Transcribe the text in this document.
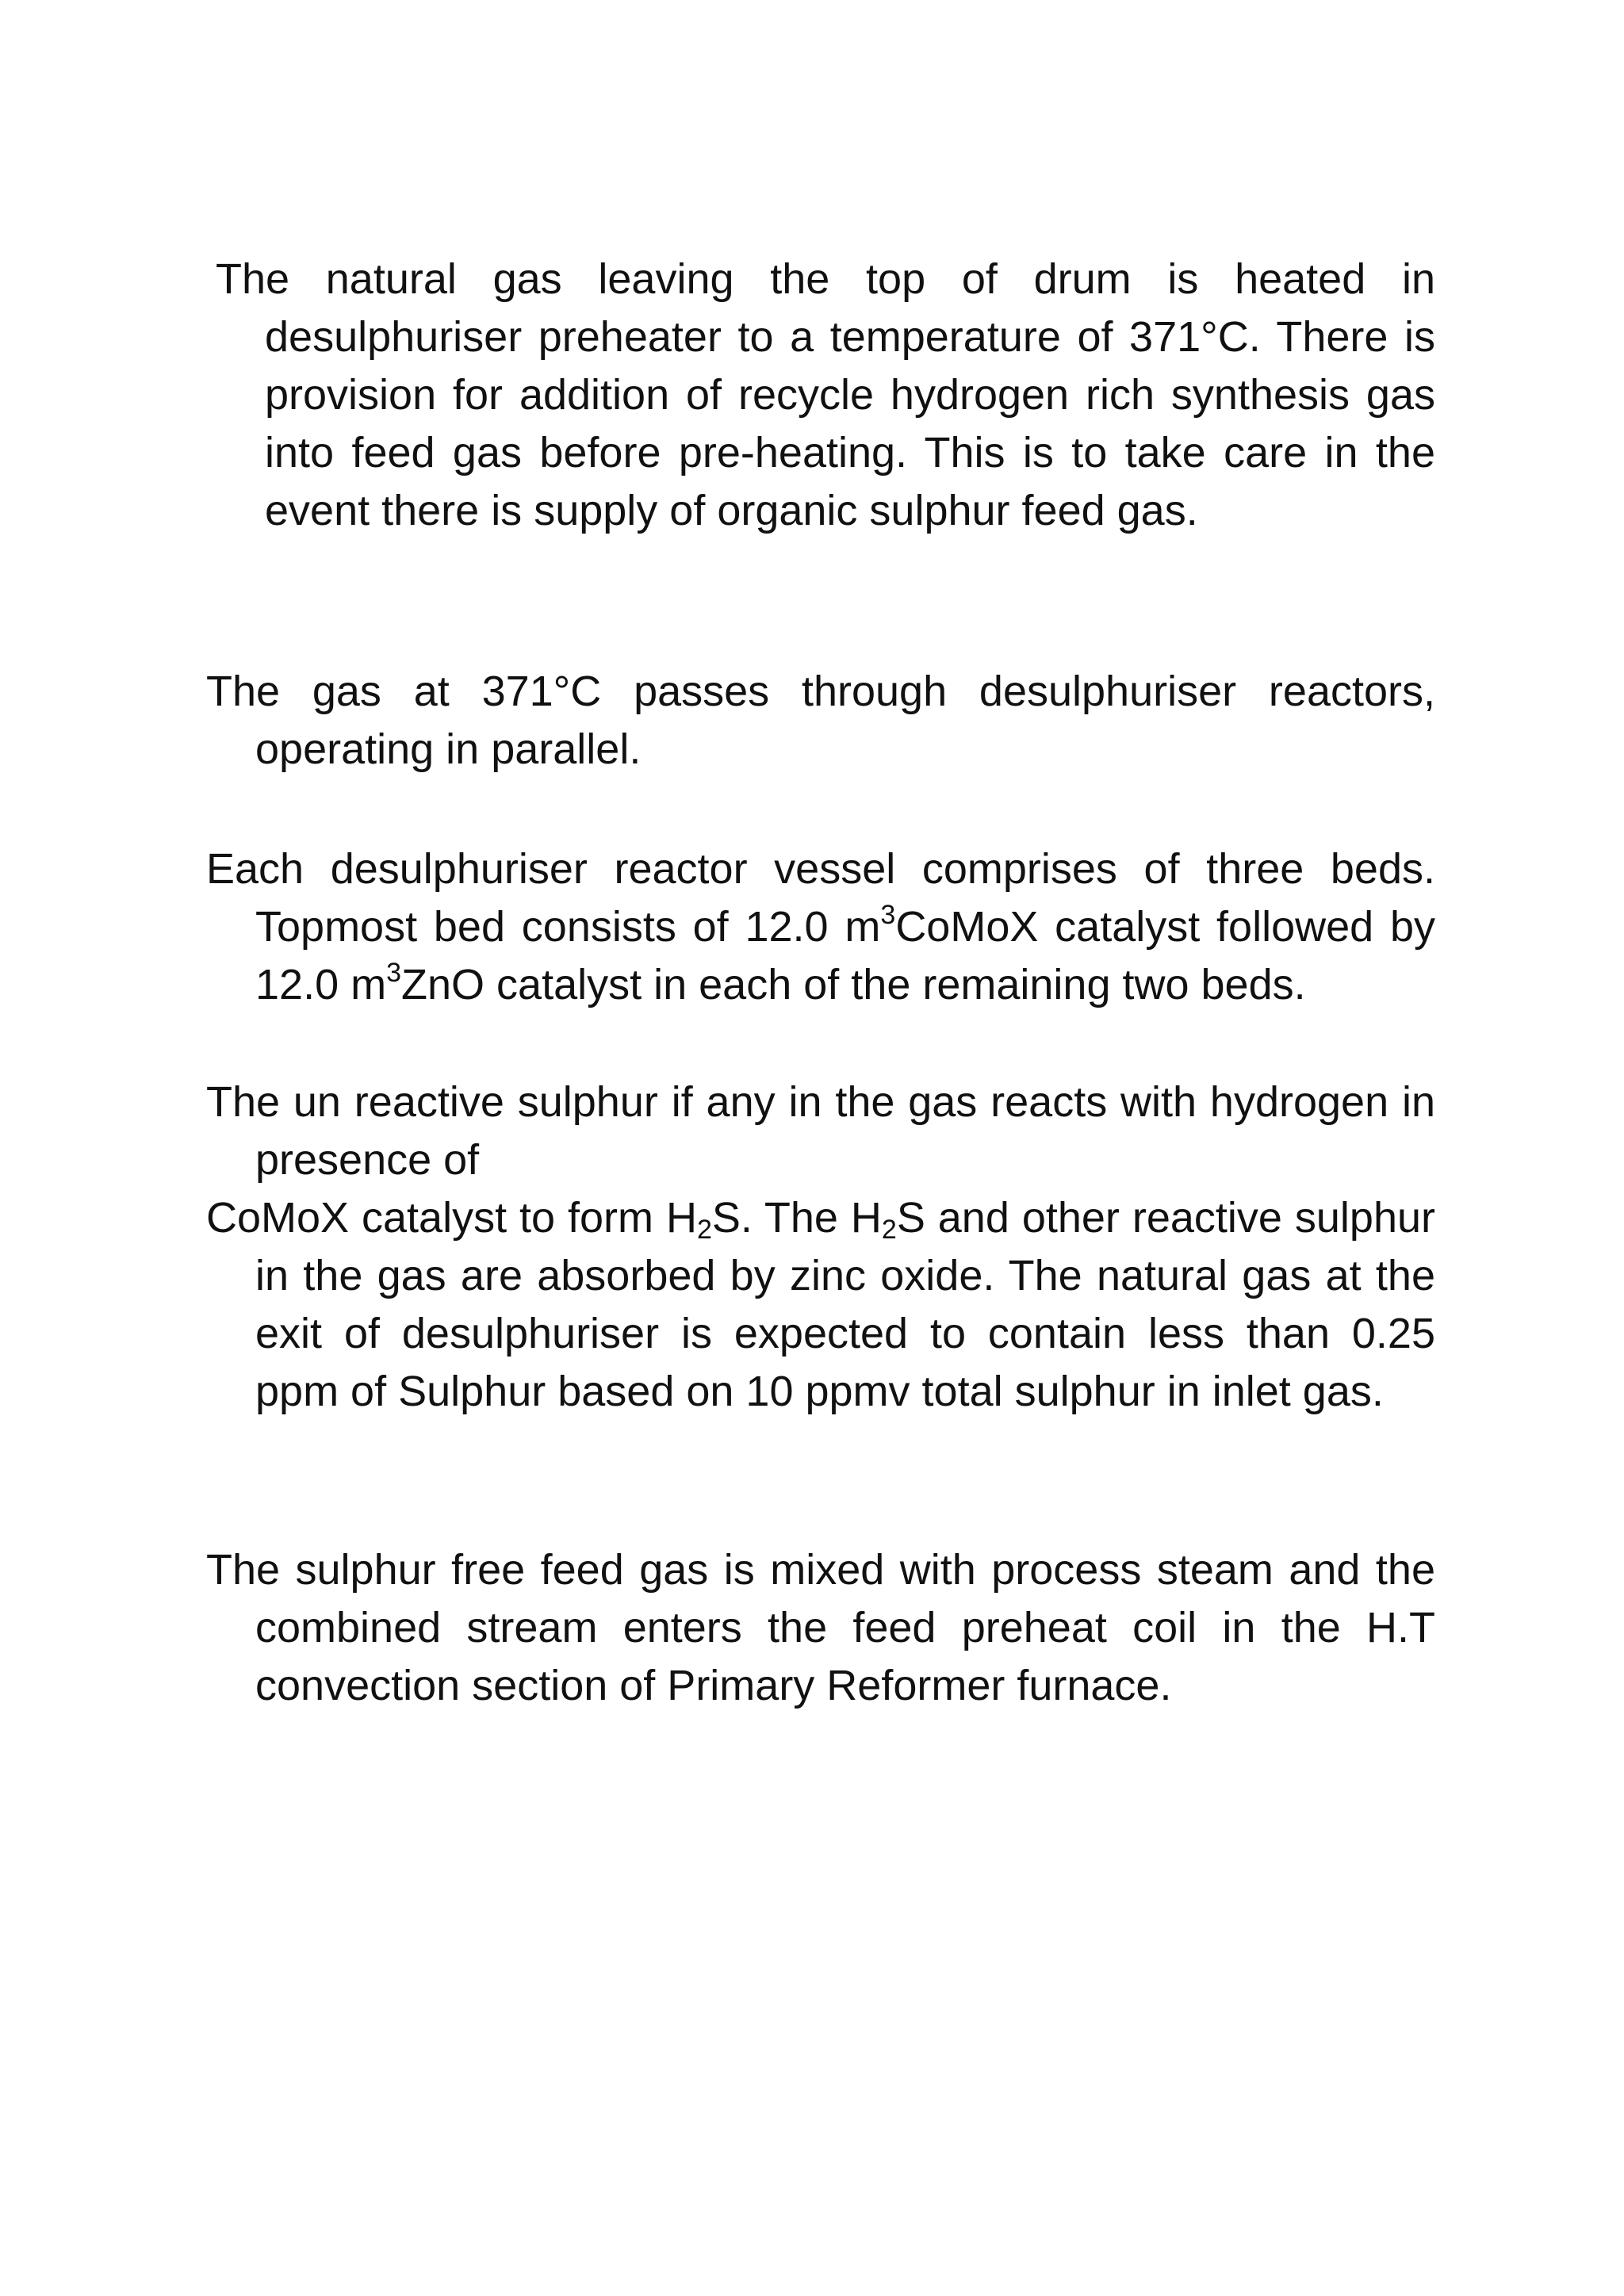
The natural gas leaving the top of drum is heated in desulphuriser preheater to a temperature of 371°C. There is provision for addition of recycle hydrogen rich synthesis gas into feed gas before pre-heating. This is to take care in the event there is supply of organic sulphur feed gas.

The gas at 371°C passes through desulphuriser reactors, operating in parallel.

Each desulphuriser reactor vessel comprises of three beds. Topmost bed consists of 12.0 $m^3CoMoX$ catalyst followed by 12.0 $m^3ZnO$ catalyst in each of the remaining two beds.

The un reactive sulphur if any in the gas reacts with hydrogen in presence of

CoMoX catalyst to form $H_2S$. The $H_2S$ and other reactive sulphur in the gas are absorbed by zinc oxide. The natural gas at the exit of desulphuriser is expected to contain less than 0.25 ppm of Sulphur based on 10 ppmv total sulphur in inlet gas.

The sulphur free feed gas is mixed with process steam and the combined stream enters the feed preheat coil in the H.T convection section of Primary Reformer furnace.
